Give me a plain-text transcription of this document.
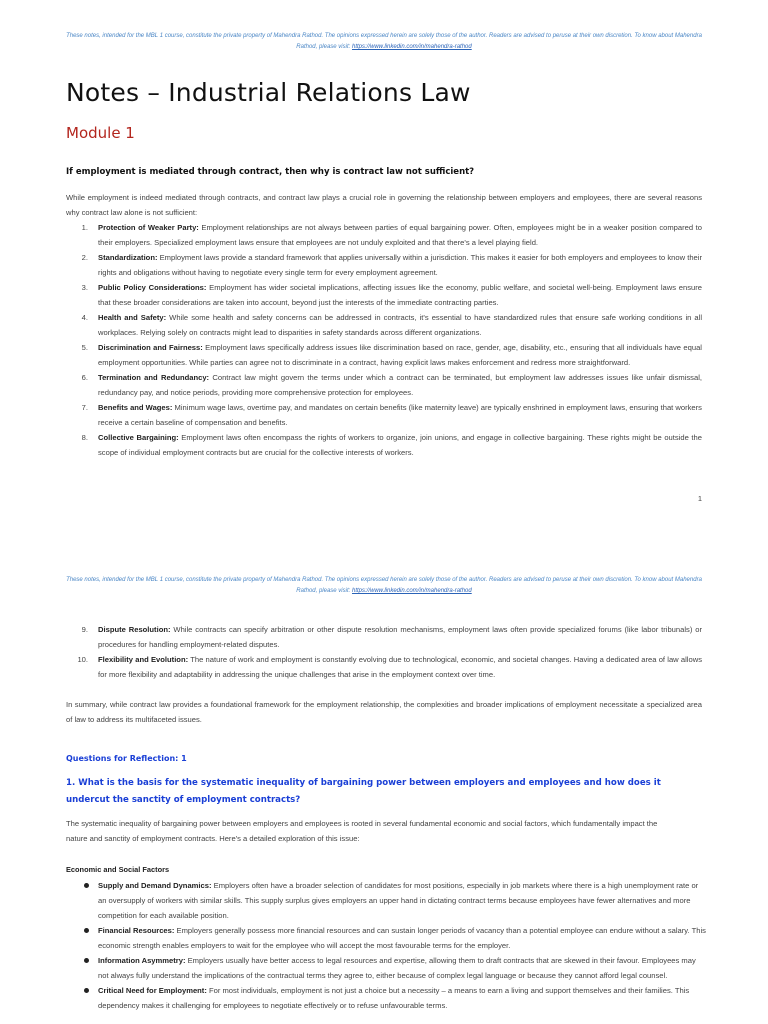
These notes, intended for the MBL 1 course, constitute the private property of Mahendra Rathod. The opinions expressed herein are solely those of the author. Readers are advised to peruse at their own discretion. To know about Mahendra Rathod, please visit: https://www.linkedin.com/in/mahendra-rathod
Notes – Industrial Relations Law
Module 1
If employment is mediated through contract, then why is contract law not sufficient?

While employment is indeed mediated through contracts, and contract law plays a crucial role in governing the relationship between employers and employees, there are several reasons why contract law alone is not sufficient:

1. Protection of Weaker Party: Employment relationships are not always between parties of equal bargaining power. Often, employees might be in a weaker position compared to their employers. Specialized employment laws ensure that employees are not unduly exploited and that there's a level playing field.
2. Standardization: Employment laws provide a standard framework that applies universally within a jurisdiction. This makes it easier for both employers and employees to know their rights and obligations without having to negotiate every single term for every employment agreement.
3. Public Policy Considerations: Employment has wider societal implications, affecting issues like the economy, public welfare, and societal well-being. Employment laws ensure that these broader considerations are taken into account, beyond just the interests of the immediate contracting parties.
4. Health and Safety: While some health and safety concerns can be addressed in contracts, it's essential to have standardized rules that ensure safe working conditions in all workplaces. Relying solely on contracts might lead to disparities in safety standards across different organizations.
5. Discrimination and Fairness: Employment laws specifically address issues like discrimination based on race, gender, age, disability, etc., ensuring that all individuals have equal employment opportunities. While parties can agree not to discriminate in a contract, having explicit laws makes enforcement and redress more straightforward.
6. Termination and Redundancy: Contract law might govern the terms under which a contract can be terminated, but employment law addresses issues like unfair dismissal, redundancy pay, and notice periods, providing more comprehensive protection for employees.
7. Benefits and Wages: Minimum wage laws, overtime pay, and mandates on certain benefits (like maternity leave) are typically enshrined in employment laws, ensuring that workers receive a certain baseline of compensation and benefits.
8. Collective Bargaining: Employment laws often encompass the rights of workers to organize, join unions, and engage in collective bargaining. These rights might be outside the scope of individual employment contracts but are crucial for the collective interests of workers.
1
These notes, intended for the MBL 1 course, constitute the private property of Mahendra Rathod. The opinions expressed herein are solely those of the author. Readers are advised to peruse at their own discretion. To know about Mahendra Rathod, please visit: https://www.linkedin.com/in/mahendra-rathod
9. Dispute Resolution: While contracts can specify arbitration or other dispute resolution mechanisms, employment laws often provide specialized forums (like labor tribunals) or procedures for handling employment-related disputes.
10. Flexibility and Evolution: The nature of work and employment is constantly evolving due to technological, economic, and societal changes. Having a dedicated area of law allows for more flexibility and adaptability in addressing the unique challenges that arise in the employment context over time.

In summary, while contract law provides a foundational framework for the employment relationship, the complexities and broader implications of employment necessitate a specialized area of law to address its multifaceted issues.

Questions for Reflection: 1
1. What is the basis for the systematic inequality of bargaining power between employers and employees and how does it undercut the sanctity of employment contracts?

The systematic inequality of bargaining power between employers and employees is rooted in several fundamental economic and social factors, which fundamentally impact the nature and sanctity of employment contracts. Here's a detailed exploration of this issue:

Economic and Social Factors
Supply and Demand Dynamics: Employers often have a broader selection of candidates for most positions, especially in job markets where there is a high unemployment rate or an oversupply of workers with similar skills. This supply surplus gives employers an upper hand in dictating contract terms because employees have fewer alternatives and more competition for each available position.
Financial Resources: Employers generally possess more financial resources and can sustain longer periods of vacancy than a potential employee can endure without a salary. This economic strength enables employers to wait for the employee who will accept the most favourable terms for the employer.
Information Asymmetry: Employers usually have better access to legal resources and expertise, allowing them to draft contracts that are skewed in their favour. Employees may not always fully understand the implications of the contractual terms they agree to, either because of complex legal language or because they cannot afford legal counsel.
Critical Need for Employment: For most individuals, employment is not just a choice but a necessity – a means to earn a living and support themselves and their families. This dependency makes it challenging for employees to negotiate effectively or to refuse unfavourable terms.
